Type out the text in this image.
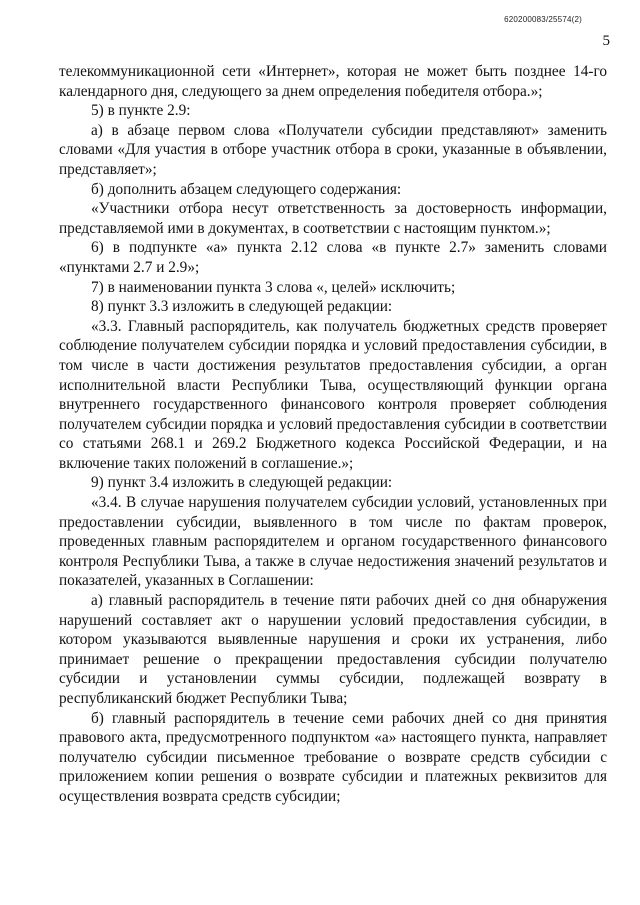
620200083/25574(2)
5

телекоммуникационной сети «Интернет», которая не может быть позднее 14-го календарного дня, следующего за днем определения победителя отбора.»;

5) в пункте 2.9:

а) в абзаце первом слова «Получатели субсидии представляют» заменить словами «Для участия в отборе участник отбора в сроки, указанные в объявлении, представляет»;

б) дополнить абзацем следующего содержания:

«Участники отбора несут ответственность за достоверность информации, представляемой ими в документах, в соответствии с настоящим пунктом.»;

6) в подпункте «а» пункта 2.12 слова «в пункте 2.7» заменить словами «пунктами 2.7 и 2.9»;

7) в наименовании пункта 3 слова «, целей» исключить;

8) пункт 3.3 изложить в следующей редакции:

«3.3. Главный распорядитель, как получатель бюджетных средств проверяет соблюдение получателем субсидии порядка и условий предоставления субсидии, в том числе в части достижения результатов предоставления субсидии, а орган исполнительной власти Республики Тыва, осуществляющий функции органа внутреннего государственного финансового контроля проверяет соблюдения получателем субсидии порядка и условий предоставления субсидии в соответствии со статьями 268.1 и 269.2 Бюджетного кодекса Российской Федерации, и на включение таких положений в соглашение.»;

9) пункт 3.4 изложить в следующей редакции:

«3.4. В случае нарушения получателем субсидии условий, установленных при предоставлении субсидии, выявленного в том числе по фактам проверок, проведенных главным распорядителем и органом государственного финансового контроля Республики Тыва, а также в случае недостижения значений результатов и показателей, указанных в Соглашении:

а) главный распорядитель в течение пяти рабочих дней со дня обнаружения нарушений составляет акт о нарушении условий предоставления субсидии, в котором указываются выявленные нарушения и сроки их устранения, либо принимает решение о прекращении предоставления субсидии получателю субсидии и установлении суммы субсидии, подлежащей возврату в республиканский бюджет Республики Тыва;

б) главный распорядитель в течение семи рабочих дней со дня принятия правового акта, предусмотренного подпунктом «а» настоящего пункта, направляет получателю субсидии письменное требование о возврате средств субсидии с приложением копии решения о возврате субсидии и платежных реквизитов для осуществления возврата средств субсидии;
